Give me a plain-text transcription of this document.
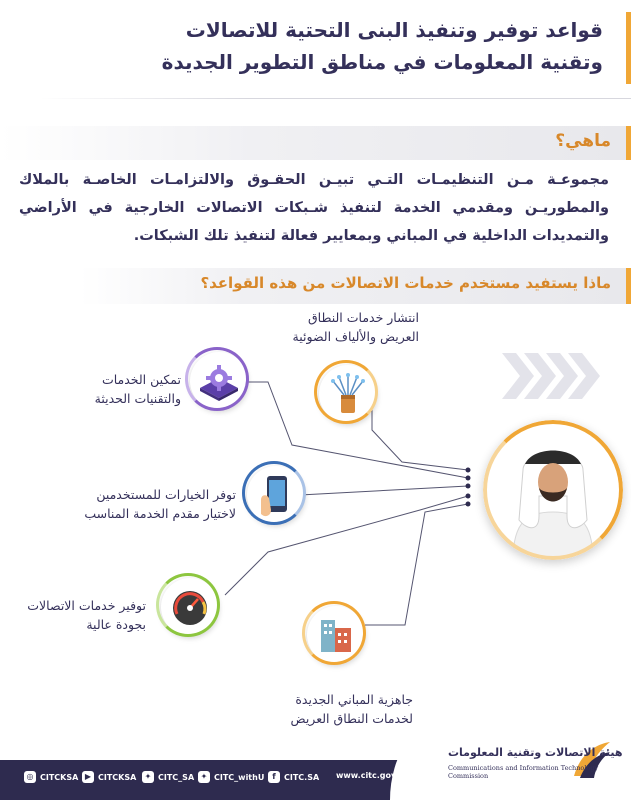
قواعد توفير وتنفيذ البنى التحتية للاتصالات
وتقنية المعلومات في مناطق التطوير الجديدة
ماهي؟
مجموعـة مـن التنظيمـات التـي تبيـن الحقـوق والالتزامـات الخاصـة بالملاك والمطوريـن ومقدمي الخدمة لتنفيذ شـبكات الاتصالات الخارجية في الأراضي والتمديدات الداخلية في المباني وبمعايير فعالة لتنفيذ تلك الشبكات.
ماذا يستفيد مستخدم خدمات الاتصالات من هذه القواعد؟
انتشار خدمات النطاق
العريض والألياف الضوئية
تمكين الخدمات
والتقنيات الحديثة
توفر الخيارات للمستخدمين
لاختيار مقدم الخدمة المناسب
توفير خدمات الاتصالات
بجودة عالية
جاهزية المباني الجديدة
لخدمات النطاق العريض
◎ CITCKSA ▶ CITCKSA	✦ CITC_SA ✦ CITC_withU f	CITC.SA www.citc.gov.sa
هيئة الاتصالات وتقنية المعلومات
Communications and Information Technology Commission
